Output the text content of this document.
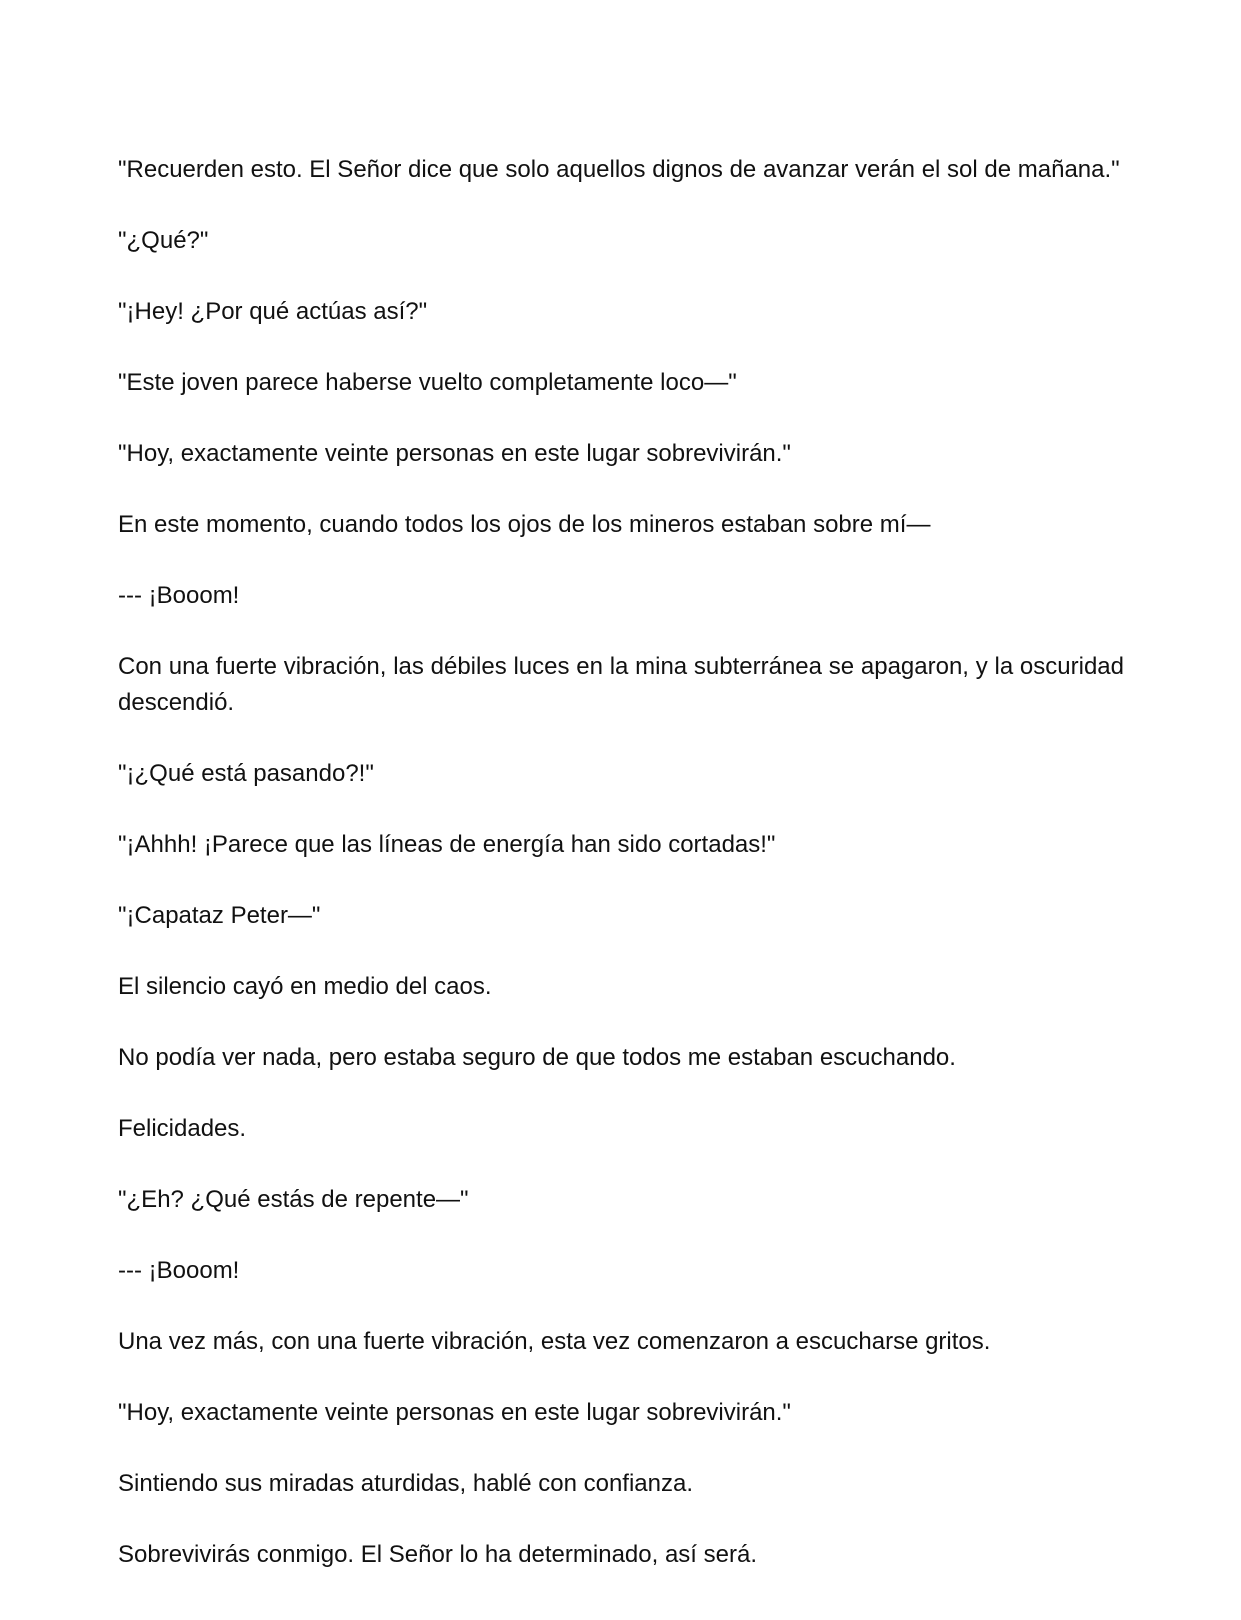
"Recuerden esto. El Señor dice que solo aquellos dignos de avanzar verán el sol de mañana."

"¿Qué?"

"¡Hey! ¿Por qué actúas así?"

"Este joven parece haberse vuelto completamente loco—"

"Hoy, exactamente veinte personas en este lugar sobrevivirán."

En este momento, cuando todos los ojos de los mineros estaban sobre mí—

--- ¡Booom!

Con una fuerte vibración, las débiles luces en la mina subterránea se apagaron, y la oscuridad descendió.

"¡¿Qué está pasando?!"

"¡Ahhh! ¡Parece que las líneas de energía han sido cortadas!"

"¡Capataz Peter—"

El silencio cayó en medio del caos.

No podía ver nada, pero estaba seguro de que todos me estaban escuchando.

Felicidades.

"¿Eh? ¿Qué estás de repente—"

--- ¡Booom!

Una vez más, con una fuerte vibración, esta vez comenzaron a escucharse gritos.

"Hoy, exactamente veinte personas en este lugar sobrevivirán."

Sintiendo sus miradas aturdidas, hablé con confianza.

Sobrevivirás conmigo. El Señor lo ha determinado, así será.
